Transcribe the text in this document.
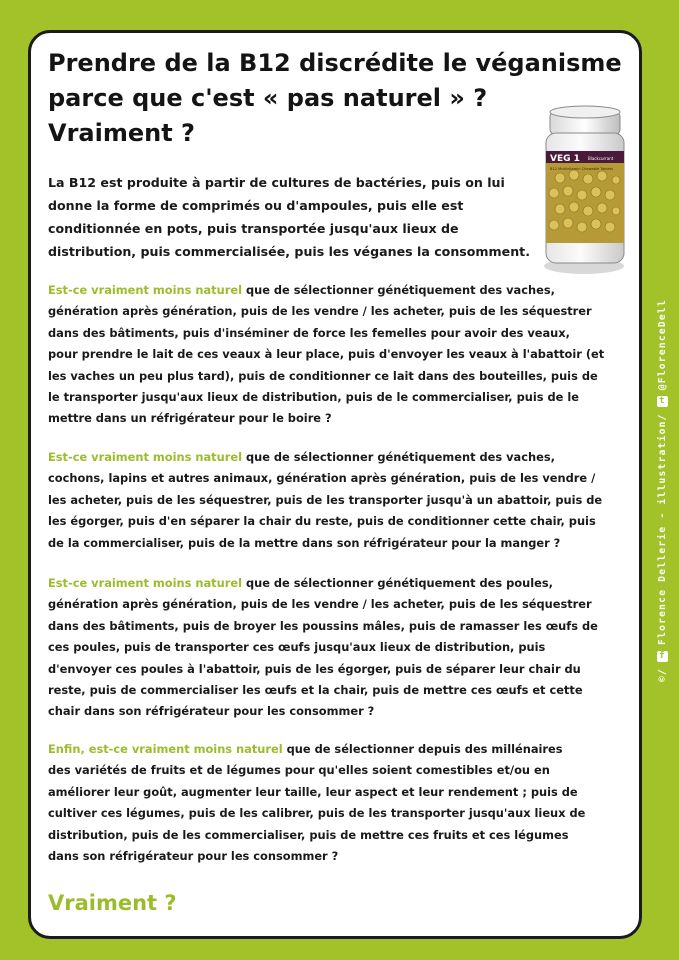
Prendre de la B12 discrédite le véganisme
parce que c'est « pas naturel » ?
Vraiment ?
VEG 1 Blackcurrant
B12 Multivitamin Chewable Tablets

La B12 est produite à partir de cultures de bactéries, puis on lui
donne la forme de comprimés ou d'ampoules, puis elle est
conditionnée en pots, puis transportée jusqu'aux lieux de
distribution, puis commercialisée, puis les véganes la consomment.

Est-ce vraiment moins naturel que de sélectionner génétiquement des vaches,
génération après génération, puis de les vendre / les acheter, puis de les séquestrer
dans des bâtiments, puis d'inséminer de force les femelles pour avoir des veaux,
pour prendre le lait de ces veaux à leur place, puis d'envoyer les veaux à l'abattoir (et
les vaches un peu plus tard), puis de conditionner ce lait dans des bouteilles, puis de
le transporter jusqu'aux lieux de distribution, puis de le commercialiser, puis de le
mettre dans un réfrigérateur pour le boire ?

Est-ce vraiment moins naturel que de sélectionner génétiquement des vaches,
cochons, lapins et autres animaux, génération après génération, puis de les vendre /
les acheter, puis de les séquestrer, puis de les transporter jusqu'à un abattoir, puis de
les égorger, puis d'en séparer la chair du reste, puis de conditionner cette chair, puis
de la commercialiser, puis de la mettre dans son réfrigérateur pour la manger ?

Est-ce vraiment moins naturel que de sélectionner génétiquement des poules,
génération après génération, puis de les vendre / les acheter, puis de les séquestrer
dans des bâtiments, puis de broyer les poussins mâles, puis de ramasser les œufs de
ces poules, puis de transporter ces œufs jusqu'aux lieux de distribution, puis
d'envoyer ces poules à l'abattoir, puis de les égorger, puis de séparer leur chair du
reste, puis de commercialiser les œufs et la chair, puis de mettre ces œufs et cette
chair dans son réfrigérateur pour les consommer ?

Enfin, est-ce vraiment moins naturel que de sélectionner depuis des millénaires
des variétés de fruits et de légumes pour qu'elles soient comestibles et/ou en
améliorer leur goût, augmenter leur taille, leur aspect et leur rendement ; puis de
cultiver ces légumes, puis de les calibrer, puis de les transporter jusqu'aux lieux de
distribution, puis de les commercialiser, puis de mettre ces fruits et ces légumes
dans son réfrigérateur pour les consommer ?

Vraiment ?

©/
f
Florence Dellerie - illustration/
t
@FlorenceDell
